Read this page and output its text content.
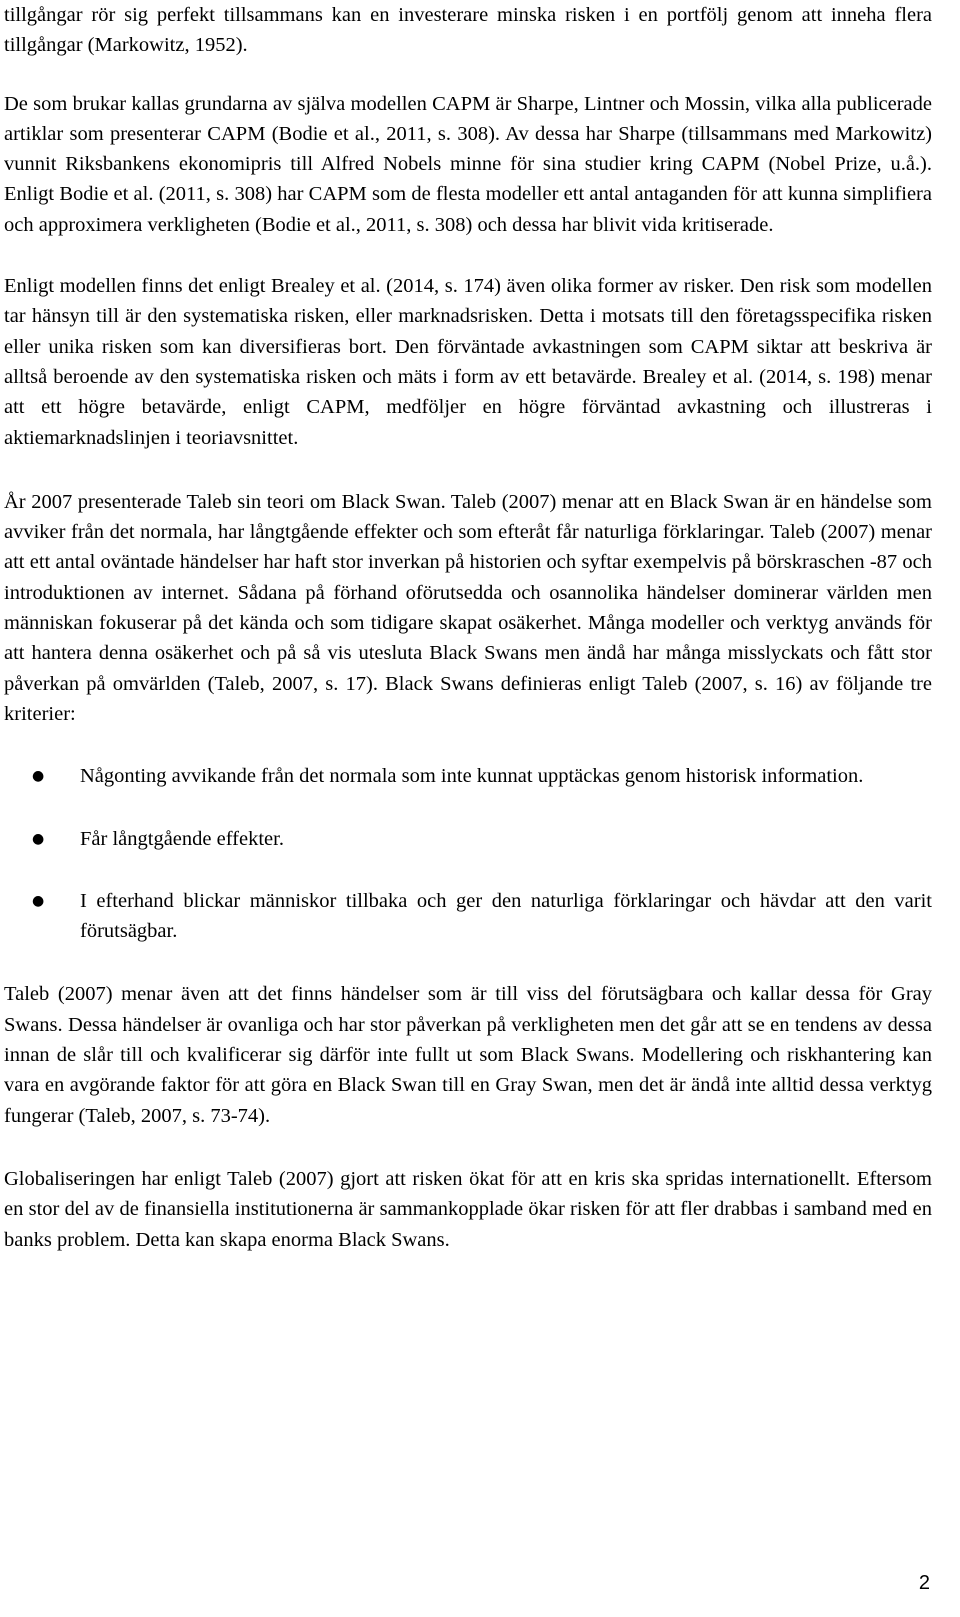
tillgångar rör sig perfekt tillsammans kan en investerare minska risken i en portfölj genom att inneha flera tillgångar (Markowitz, 1952).

De som brukar kallas grundarna av själva modellen CAPM är Sharpe, Lintner och Mossin, vilka alla publicerade artiklar som presenterar CAPM (Bodie et al., 2011, s. 308). Av dessa har Sharpe (tillsammans med Markowitz) vunnit Riksbankens ekonomipris till Alfred Nobels minne för sina studier kring CAPM (Nobel Prize, u.å.). Enligt Bodie et al. (2011, s. 308) har CAPM som de flesta modeller ett antal antaganden för att kunna simplifiera och approximera verkligheten (Bodie et al., 2011, s. 308) och dessa har blivit vida kritiserade.

Enligt modellen finns det enligt Brealey et al. (2014, s. 174) även olika former av risker. Den risk som modellen tar hänsyn till är den systematiska risken, eller marknadsrisken. Detta i motsats till den företagsspecifika risken eller unika risken som kan diversifieras bort. Den förväntade avkastningen som CAPM siktar att beskriva är alltså beroende av den systematiska risken och mäts i form av ett betavärde. Brealey et al. (2014, s. 198) menar att ett högre betavärde, enligt CAPM, medföljer en högre förväntad avkastning och illustreras i aktiemarknadslinjen i teoriavsnittet.

År 2007 presenterade Taleb sin teori om Black Swan. Taleb (2007) menar att en Black Swan är en händelse som avviker från det normala, har långtgående effekter och som efteråt får naturliga förklaringar. Taleb (2007) menar att ett antal oväntade händelser har haft stor inverkan på historien och syftar exempelvis på börskraschen -87 och introduktionen av internet. Sådana på förhand oförutsedda och osannolika händelser dominerar världen men människan fokuserar på det kända och som tidigare skapat osäkerhet. Många modeller och verktyg används för att hantera denna osäkerhet och på så vis utesluta Black Swans men ändå har många misslyckats och fått stor påverkan på omvärlden (Taleb, 2007, s. 17). Black Swans definieras enligt Taleb (2007, s. 16) av följande tre kriterier:

● Någonting avvikande från det normala som inte kunnat upptäckas genom historisk information.
● Får långtgående effekter.
● I efterhand blickar människor tillbaka och ger den naturliga förklaringar och hävdar att den varit förutsägbar.

Taleb (2007) menar även att det finns händelser som är till viss del förutsägbara och kallar dessa för Gray Swans. Dessa händelser är ovanliga och har stor påverkan på verkligheten men det går att se en tendens av dessa innan de slår till och kvalificerar sig därför inte fullt ut som Black Swans. Modellering och riskhantering kan vara en avgörande faktor för att göra en Black Swan till en Gray Swan, men det är ändå inte alltid dessa verktyg fungerar (Taleb, 2007, s. 73-74).

Globaliseringen har enligt Taleb (2007) gjort att risken ökat för att en kris ska spridas internationellt. Eftersom en stor del av de finansiella institutionerna är sammankopplade ökar risken för att fler drabbas i samband med en banks problem. Detta kan skapa enorma Black Swans.

2
